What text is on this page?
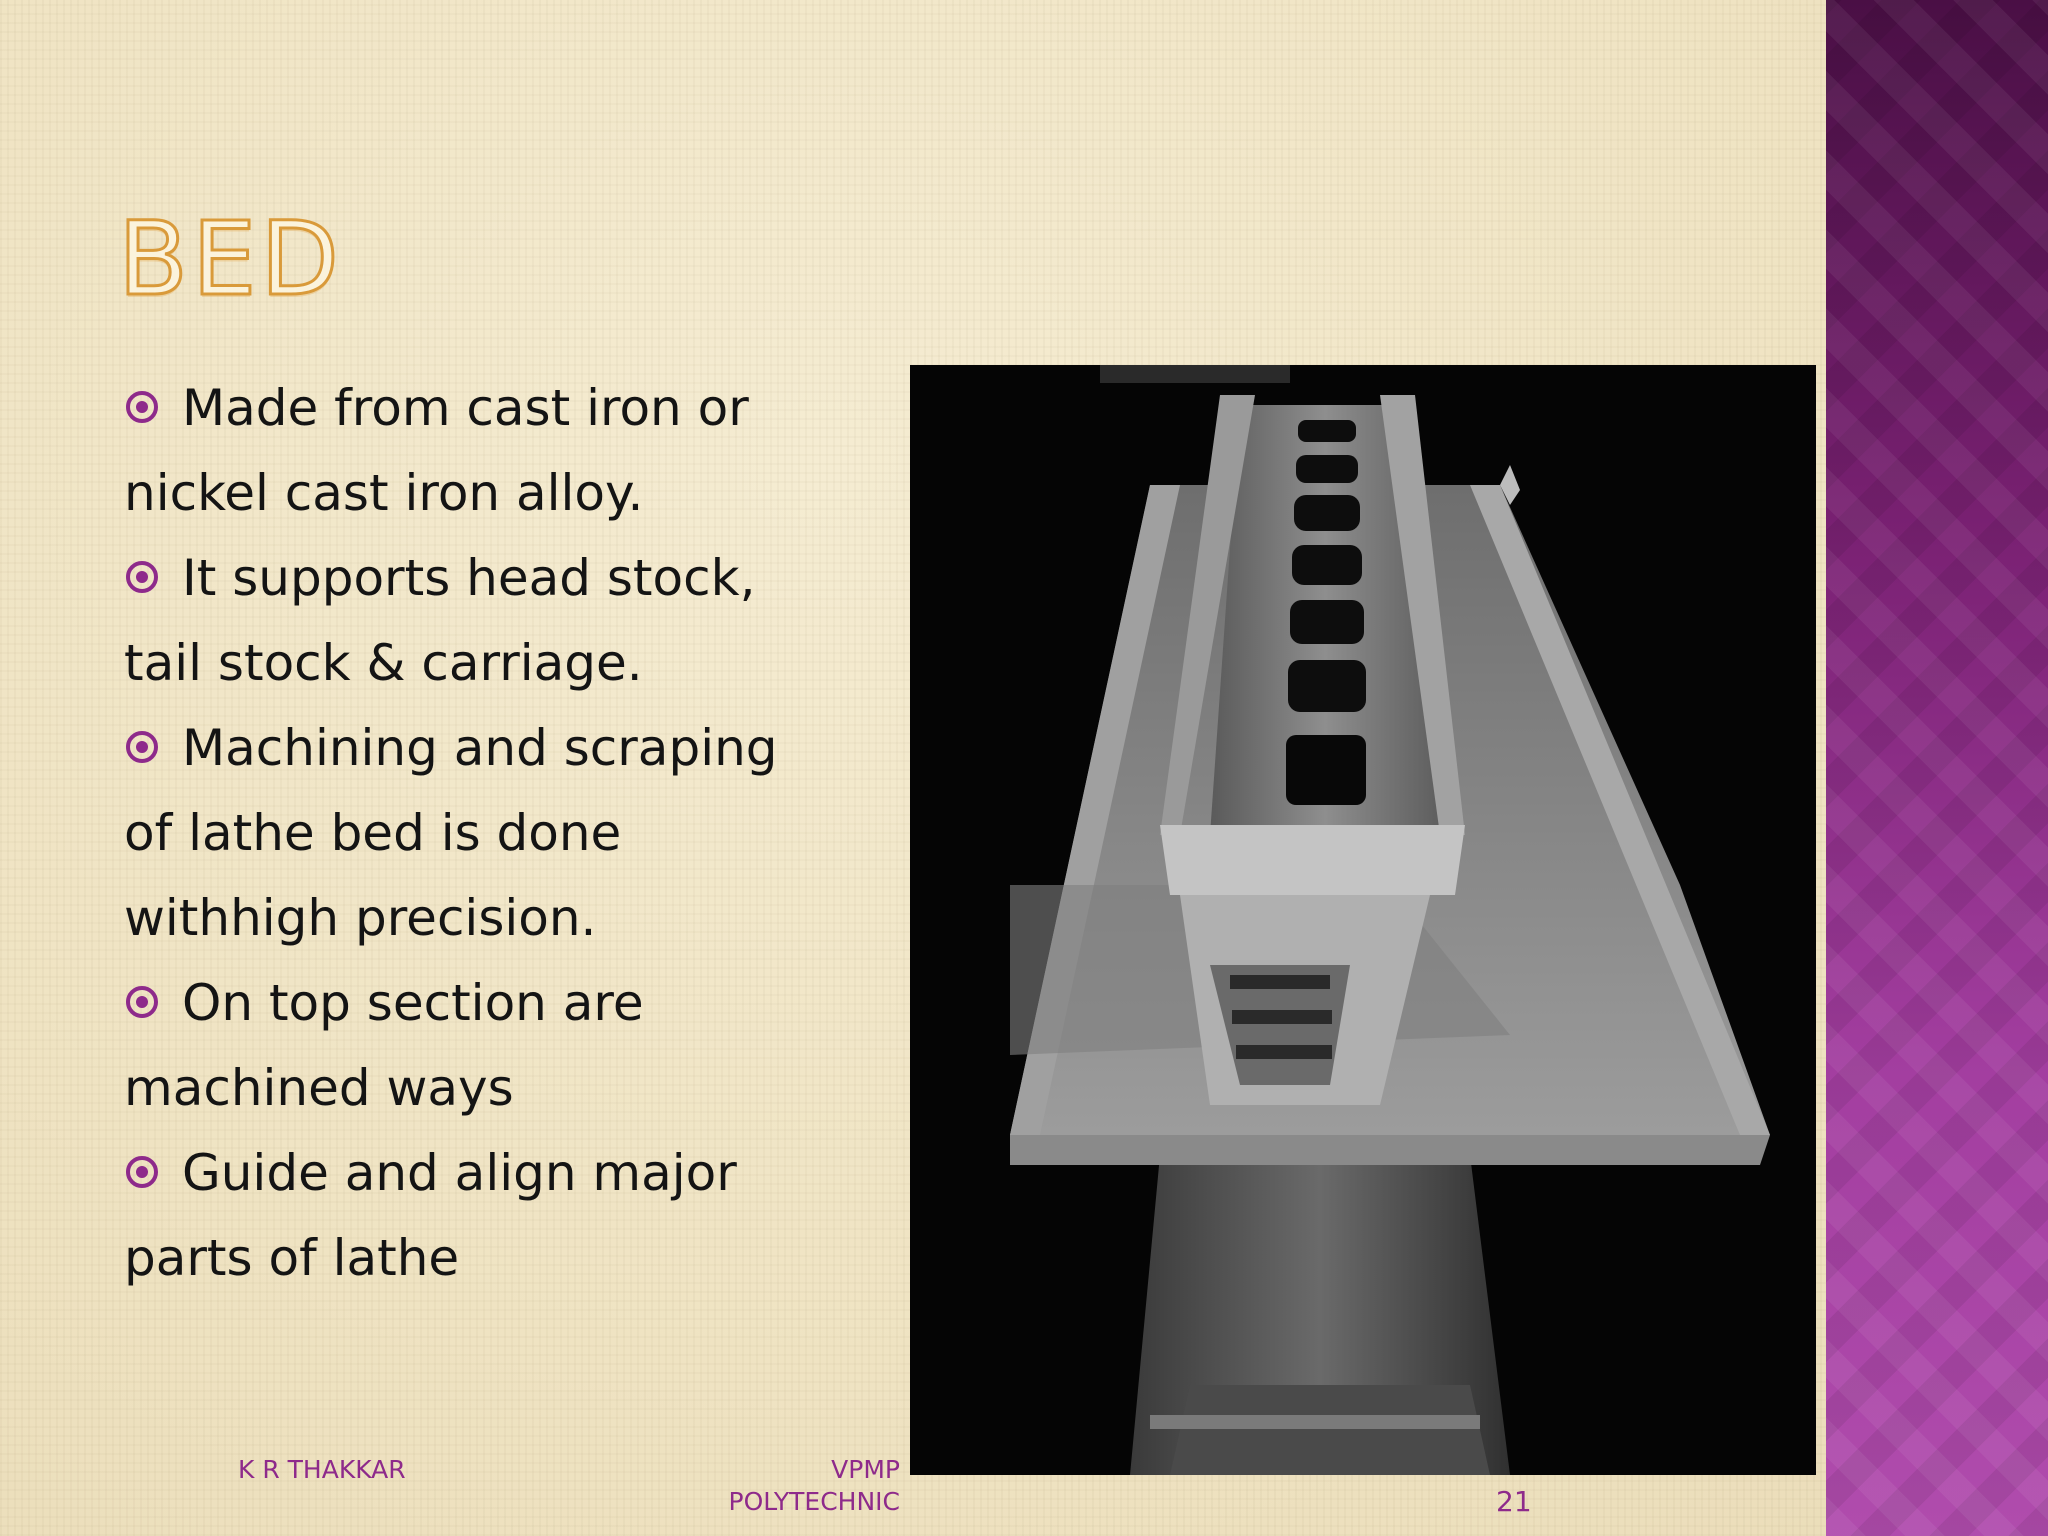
BED
Made from cast iron or nickel cast iron alloy.
It supports head stock, tail stock & carriage.
Machining and scraping of lathe bed is done withhigh precision.
On top section are machined ways
Guide and align major parts of lathe
K R THAKKAR	VPMP
POLYTECHNIC	21
